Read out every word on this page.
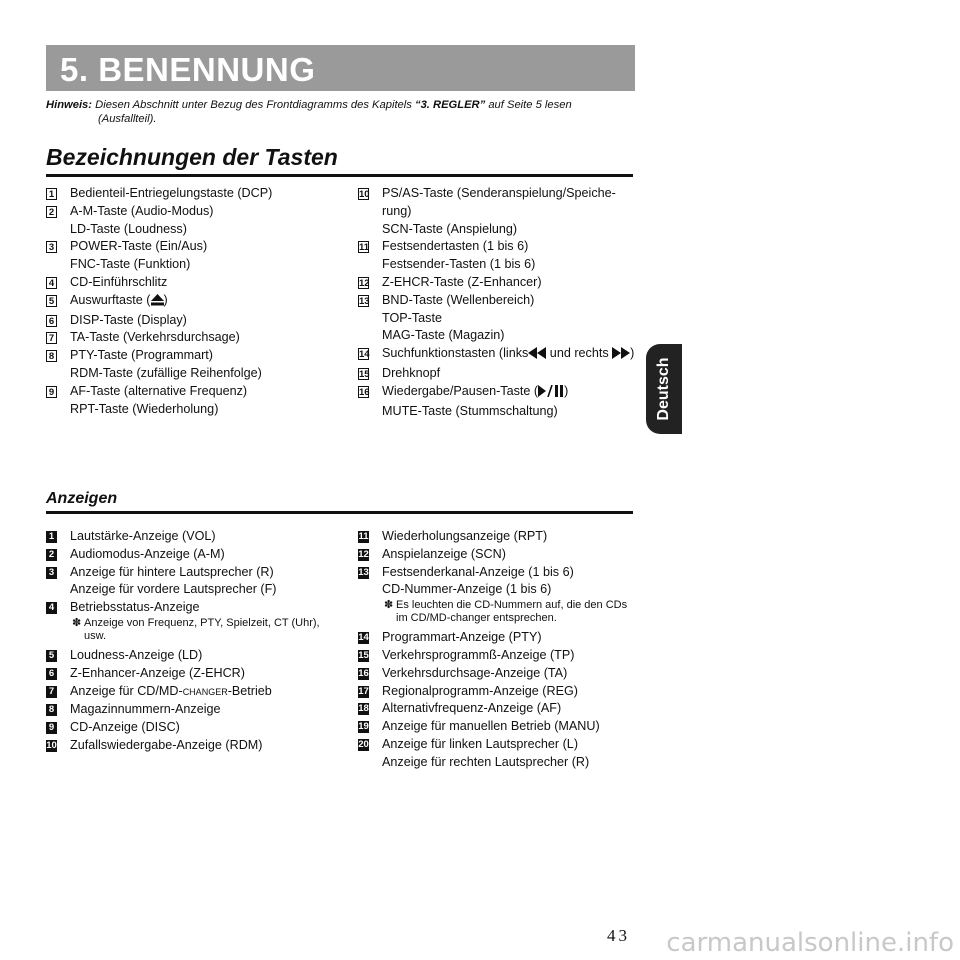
5. BENENNUNG
Hinweis: Diesen Abschnitt unter Bezug des Frontdiagramms des Kapitels “3. REGLER” auf Seite 5 lesen
(Ausfallteil).
Bezeichnungen der Tasten
1 Bedienteil-Entriegelungstaste (DCP)
2 A-M-Taste (Audio-Modus)
LD-Taste (Loudness)
3 POWER-Taste (Ein/Aus)
FNC-Taste (Funktion)
4 CD-Einführschlitz
5 Auswurftaste ( )
6 DISP-Taste (Display)
7 TA-Taste (Verkehrsdurchsage)
8 PTY-Taste (Programmart)
RDM-Taste (zufällige Reihenfolge)
9 AF-Taste (alternative Frequenz)
RPT-Taste (Wiederholung)
10 PS/AS-Taste (Senderanspielung/Speiche-
rung)
SCN-Taste (Anspielung)
11 Festsendertasten (1 bis 6)
Festsender-Tasten (1 bis 6)
12 Z-EHCR-Taste (Z-Enhancer)
13 BND-Taste (Wellenbereich)
TOP-Taste
MAG-Taste (Magazin)
14 Suchfunktionstasten (links und rechts )
15 Drehknopf
16 Wiedergabe/Pausen-Taste ( )
MUTE-Taste (Stummschaltung)
Anzeigen
1 Lautstärke-Anzeige (VOL)
2 Audiomodus-Anzeige (A-M)
3 Anzeige für hintere Lautsprecher (R)
Anzeige für vordere Lautsprecher (F)
4 Betriebsstatus-Anzeige
✽ Anzeige von Frequenz, PTY, Spielzeit, CT (Uhr), usw.
5 Loudness-Anzeige (LD)
6 Z-Enhancer-Anzeige (Z-EHCR)
7 Anzeige für CD/MD-CHANGER-Betrieb
8 Magazinnummern-Anzeige
9 CD-Anzeige (DISC)
10 Zufallswiedergabe-Anzeige (RDM)
11 Wiederholungsanzeige (RPT)
12 Anspielanzeige (SCN)
13 Festsenderkanal-Anzeige (1 bis 6)
CD-Nummer-Anzeige (1 bis 6)
✽ Es leuchten die CD-Nummern auf, die den CDs im CD/MD-changer entsprechen.
14 Programmart-Anzeige (PTY)
15 Verkehrsprogrammß-Anzeige (TP)
16 Verkehrsdurchsage-Anzeige (TA)
17 Regionalprogramm-Anzeige (REG)
18 Alternativfrequenz-Anzeige (AF)
19 Anzeige für manuellen Betrieb (MANU)
20 Anzeige für linken Lautsprecher (L)
Anzeige für rechten Lautsprecher (R)
Deutsch
43 carmanualsonline.info
